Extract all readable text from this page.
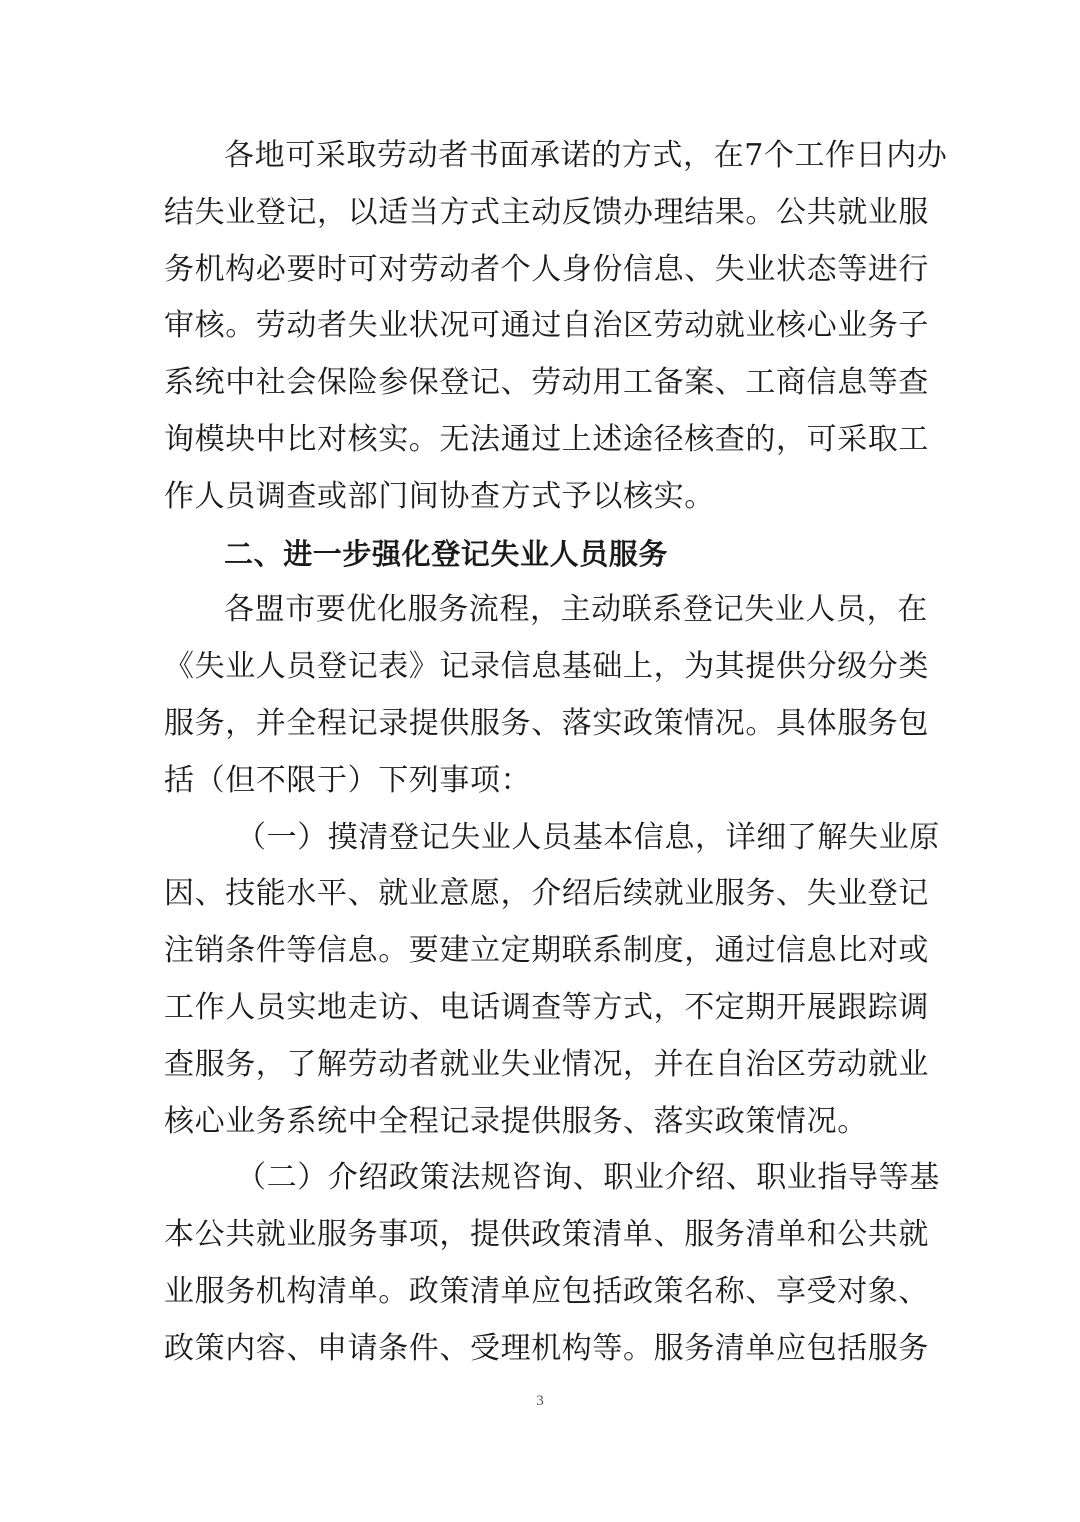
各地可采取劳动者书面承诺的方式，在7个工作日内办
结失业登记，以适当方式主动反馈办理结果。公共就业服
务机构必要时可对劳动者个人身份信息、失业状态等进行
审核。劳动者失业状况可通过自治区劳动就业核心业务子
系统中社会保险参保登记、劳动用工备案、工商信息等查
询模块中比对核实。无法通过上述途径核查的，可采取工
作人员调查或部门间协查方式予以核实。
二、进一步强化登记失业人员服务
各盟市要优化服务流程，主动联系登记失业人员，在
《失业人员登记表》记录信息基础上，为其提供分级分类
服务，并全程记录提供服务、落实政策情况。具体服务包
括（但不限于）下列事项：
（一）摸清登记失业人员基本信息，详细了解失业原
因、技能水平、就业意愿，介绍后续就业服务、失业登记
注销条件等信息。要建立定期联系制度，通过信息比对或
工作人员实地走访、电话调查等方式，不定期开展跟踪调
查服务，了解劳动者就业失业情况，并在自治区劳动就业
核心业务系统中全程记录提供服务、落实政策情况。
（二）介绍政策法规咨询、职业介绍、职业指导等基
本公共就业服务事项，提供政策清单、服务清单和公共就
业服务机构清单。政策清单应包括政策名称、享受对象、
政策内容、申请条件、受理机构等。服务清单应包括服务
3
